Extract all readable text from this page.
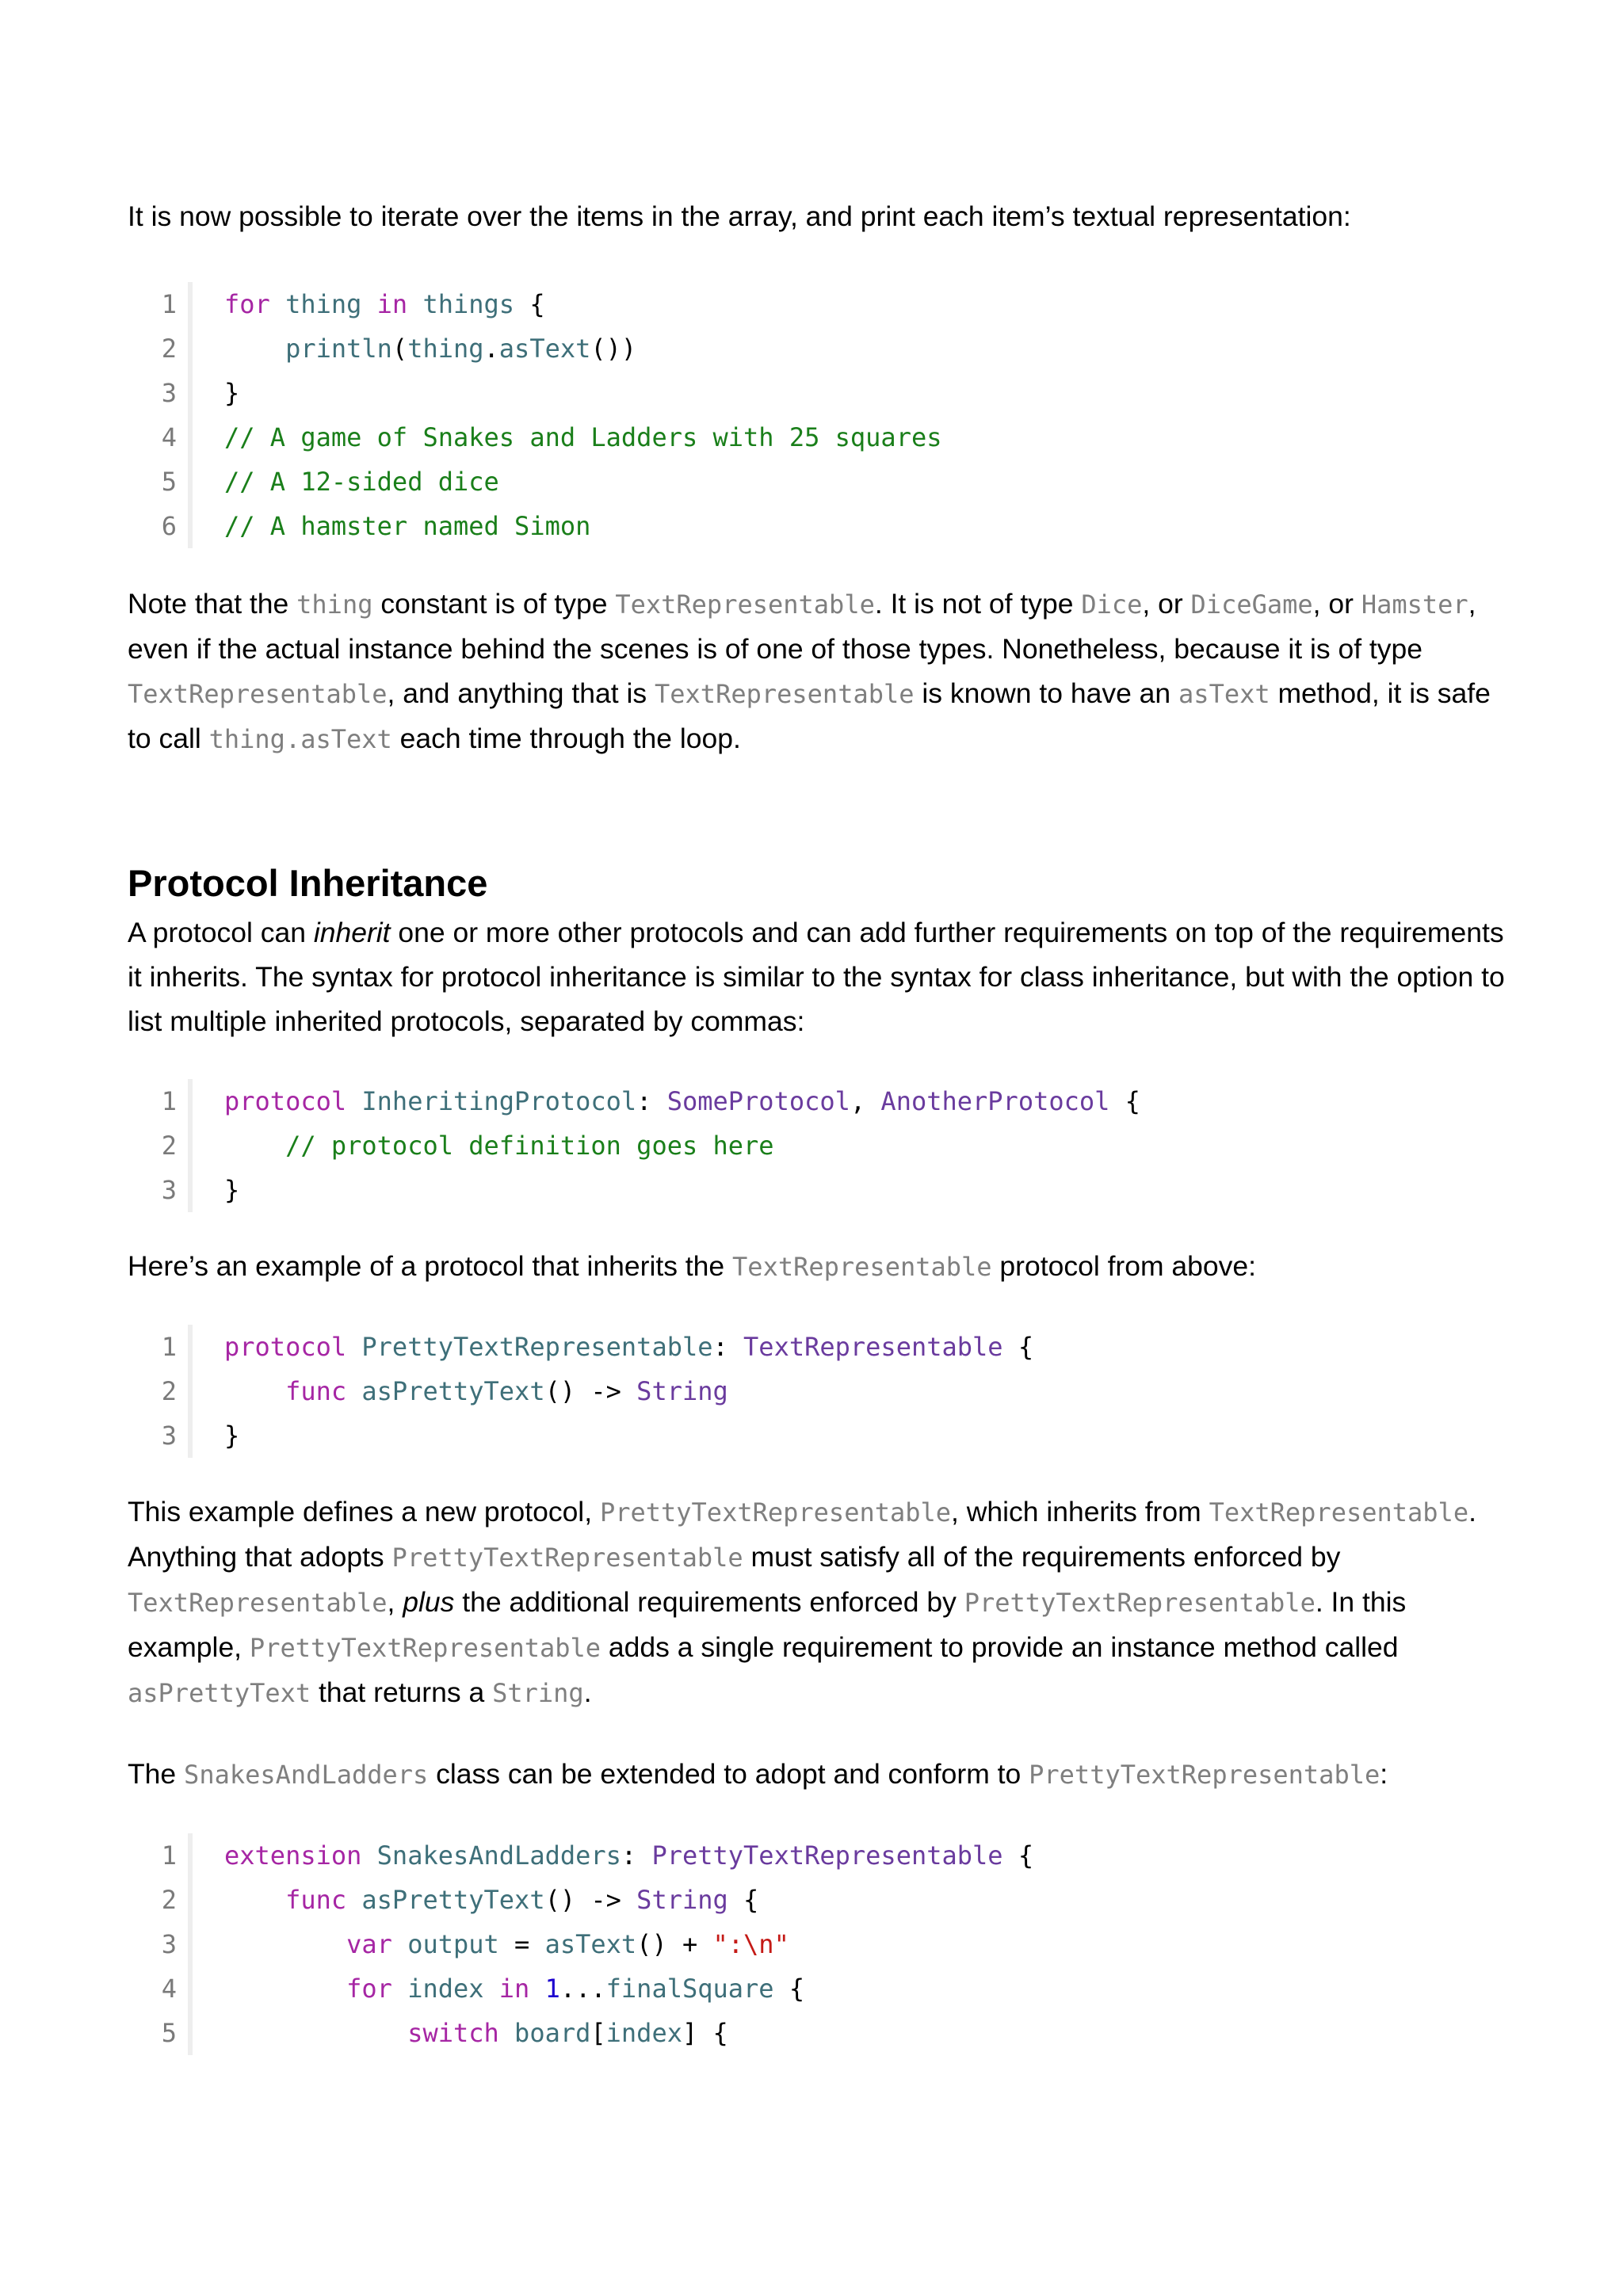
It is now possible to iterate over the items in the array, and print each item’s textual representation:

1
2
3
4
5
6
for thing in things {
println(thing.asText())
}
// A game of Snakes and Ladders with 25 squares
// A 12-sided dice
// A hamster named Simon

Note that the thing constant is of type TextRepresentable. It is not of type Dice, or DiceGame, or Hamster, even if the actual instance behind the scenes is of one of those types. Nonetheless, because it is of type TextRepresentable, and anything that is TextRepresentable is known to have an asText method, it is safe to call thing.asText each time through the loop.

Protocol Inheritance

A protocol can inherit one or more other protocols and can add further requirements on top of the requirements it inherits. The syntax for protocol inheritance is similar to the syntax for class inheritance, but with the option to list multiple inherited protocols, separated by commas:

1
2
3
protocol InheritingProtocol: SomeProtocol, AnotherProtocol {
// protocol definition goes here
}

Here’s an example of a protocol that inherits the TextRepresentable protocol from above:

1
2
3
protocol PrettyTextRepresentable: TextRepresentable {
func asPrettyText() -> String
}

This example defines a new protocol, PrettyTextRepresentable, which inherits from TextRepresentable. Anything that adopts PrettyTextRepresentable must satisfy all of the requirements enforced by TextRepresentable, plus the additional requirements enforced by PrettyTextRepresentable. In this example, PrettyTextRepresentable adds a single requirement to provide an instance method called asPrettyText that returns a String.

The SnakesAndLadders class can be extended to adopt and conform to PrettyTextRepresentable:

1
2
3
4
5
extension SnakesAndLadders: PrettyTextRepresentable {
func asPrettyText() -> String {
var output = asText() + ":\n"
for index in 1...finalSquare {
switch board[index] {
